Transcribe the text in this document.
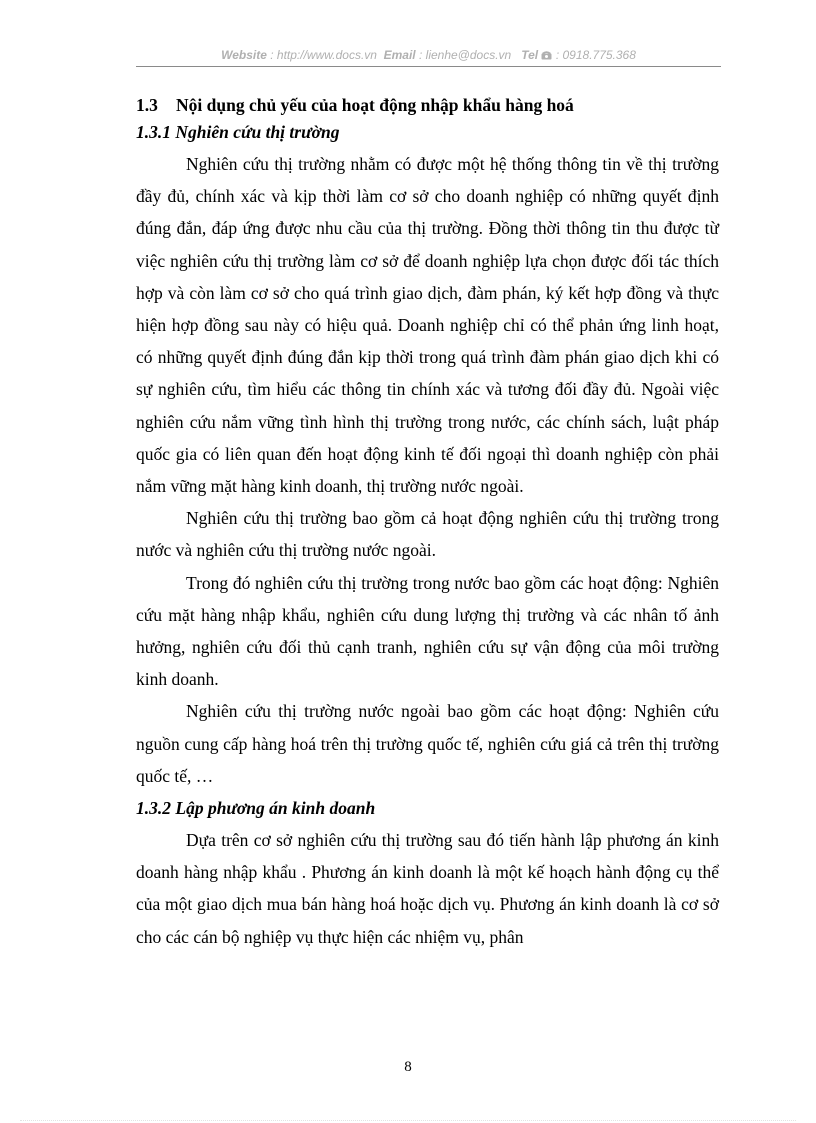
Website : http://www.docs.vn Email : lienhe@docs.vn Tel : 0918.775.368

1.3 Nội dụng chủ yếu của hoạt động nhập khẩu hàng hoá

1.3.1 Nghiên cứu thị trường

Nghiên cứu thị trường nhằm có được một hệ thống thông tin về thị trường đầy đủ, chính xác và kịp thời làm cơ sở cho doanh nghiệp có những quyết định đúng đắn, đáp ứng được nhu cầu của thị trường. Đồng thời thông tin thu được từ việc nghiên cứu thị trường làm cơ sở để doanh nghiệp lựa chọn được đối tác thích hợp và còn làm cơ sở cho quá trình giao dịch, đàm phán, ký kết hợp đồng và thực hiện hợp đồng sau này có hiệu quả. Doanh nghiệp chỉ có thể phản ứng linh hoạt, có những quyết định đúng đắn kịp thời trong quá trình đàm phán giao dịch khi có sự nghiên cứu, tìm hiểu các thông tin chính xác và tương đối đầy đủ. Ngoài việc nghiên cứu nắm vững tình hình thị trường trong nước, các chính sách, luật pháp quốc gia có liên quan đến hoạt động kinh tế đối ngoại thì doanh nghiệp còn phải nắm vững mặt hàng kinh doanh, thị trường nước ngoài.

Nghiên cứu thị trường bao gồm cả hoạt động nghiên cứu thị trường trong nước và nghiên cứu thị trường nước ngoài.

Trong đó nghiên cứu thị trường trong nước bao gồm các hoạt động: Nghiên cứu mặt hàng nhập khẩu, nghiên cứu dung lượng thị trường và các nhân tố ảnh hưởng, nghiên cứu đối thủ cạnh tranh, nghiên cứu sự vận động của môi trường kinh doanh.

Nghiên cứu thị trường nước ngoài bao gồm các hoạt động: Nghiên cứu nguồn cung cấp hàng hoá trên thị trường quốc tế, nghiên cứu giá cả trên thị trường quốc tế, …

1.3.2 Lập phương án kinh doanh

Dựa trên cơ sở nghiên cứu thị trường sau đó tiến hành lập phương án kinh doanh hàng nhập khẩu . Phương án kinh doanh là một kế hoạch hành động cụ thể của một giao dịch mua bán hàng hoá hoặc dịch vụ. Phương án kinh doanh là cơ sở cho các cán bộ nghiệp vụ thực hiện các nhiệm vụ, phân

8
